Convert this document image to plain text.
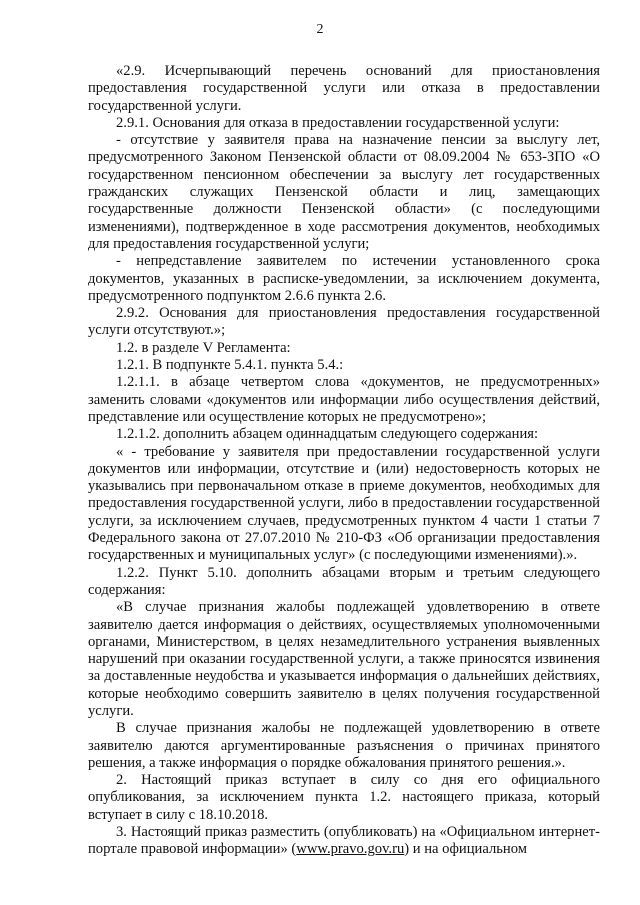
2

«2.9. Исчерпывающий перечень оснований для приостановления предоставления государственной услуги или отказа в предоставлении государственной услуги.

2.9.1. Основания для отказа в предоставлении государственной услуги:

- отсутствие у заявителя права на назначение пенсии за выслугу лет, предусмотренного Законом Пензенской области от 08.09.2004 № 653-ЗПО «О государственном пенсионном обеспечении за выслугу лет государственных гражданских служащих Пензенской области и лиц, замещающих государственные должности Пензенской области» (с последующими изменениями), подтвержденное в ходе рассмотрения документов, необходимых для предоставления государственной услуги;

- непредставление заявителем по истечении установленного срока документов, указанных в расписке-уведомлении, за исключением документа, предусмотренного подпунктом 2.6.6 пункта 2.6.

2.9.2. Основания для приостановления предоставления государственной услуги отсутствуют.»;

1.2. в разделе V Регламента:

1.2.1. В подпункте 5.4.1. пункта 5.4.:

1.2.1.1. в абзаце четвертом слова «документов, не предусмотренных» заменить словами «документов или информации либо осуществления действий, представление или осуществление которых не предусмотрено»;

1.2.1.2. дополнить абзацем одиннадцатым следующего содержания:

« - требование у заявителя при предоставлении государственной услуги документов или информации, отсутствие и (или) недостоверность которых не указывались при первоначальном отказе в приеме документов, необходимых для предоставления государственной услуги, либо в предоставлении государственной услуги, за исключением случаев, предусмотренных пунктом 4 части 1 статьи 7 Федерального закона от 27.07.2010 № 210-ФЗ «Об организации предоставления государственных и муниципальных услуг» (с последующими изменениями).».

1.2.2. Пункт 5.10. дополнить абзацами вторым и третьим следующего содержания:

«В случае признания жалобы подлежащей удовлетворению в ответе заявителю дается информация о действиях, осуществляемых уполномоченными органами, Министерством, в целях незамедлительного устранения выявленных нарушений при оказании государственной услуги, а также приносятся извинения за доставленные неудобства и указывается информация о дальнейших действиях, которые необходимо совершить заявителю в целях получения государственной услуги.

В случае признания жалобы не подлежащей удовлетворению в ответе заявителю даются аргументированные разъяснения о причинах принятого решения, а также информация о порядке обжалования принятого решения.».

2. Настоящий приказ вступает в силу со дня его официального опубликования, за исключением пункта 1.2. настоящего приказа, который вступает в силу с 18.10.2018.

3. Настоящий приказ разместить (опубликовать) на «Официальном интернет-портале правовой информации» (www.pravo.gov.ru) и на официальном
